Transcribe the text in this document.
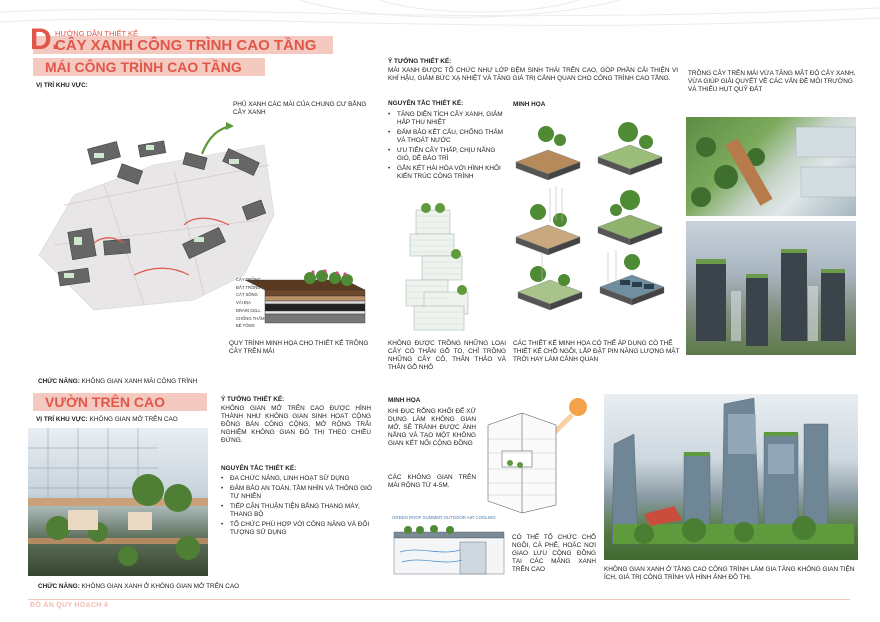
D.
HƯỚNG DẪN THIẾT KẾ
CÂY XANH CÔNG TRÌNH CAO TẦNG
MÁI CÔNG TRÌNH CAO TẦNG
VỊ TRÍ KHU VỰC:
PHỦ XANH CÁC MÁI CỦA CHUNG CƯ BẰNG CÂY XANH
CÂY TRỒNG
ĐẤT TRỒNG
CÁT SÔNG
VẢI ĐỊA
DRAIN CELL
CHỐNG THẤM
BÊ TÔNG
QUY TRÌNH MINH HỌA CHO THIẾT KẾ TRỒNG CÂY TRÊN MÁI
CHỨC NĂNG: KHÔNG GIAN XANH MÁI CÔNG TRÌNH
Ý TƯỞNG THIẾT KẾ:
MÁI XANH ĐƯỢC TỔ CHỨC NHƯ LỚP ĐỆM SINH THÁI TRÊN CAO, GÓP PHẦN CẢI THIỆN VI KHÍ HẬU, GIẢM BỨC XẠ NHIỆT VÀ TĂNG GIÁ TRỊ CẢNH QUAN CHO CÔNG TRÌNH CAO TẦNG.
NGUYÊN TẮC THIẾT KẾ:
• TĂNG DIỆN TÍCH CÂY XANH, GIẢM HẤP THU NHIỆT
• ĐẢM BẢO KẾT CẤU, CHỐNG THẤM VÀ THOÁT NƯỚC
• ƯU TIÊN CÂY THẤP, CHỊU NẮNG GIÓ, DỄ BẢO TRÌ
• GẮN KẾT HÀI HÒA VỚI HÌNH KHỐI KIẾN TRÚC CÔNG TRÌNH
KHÔNG ĐƯỢC TRỒNG NHỮNG LOẠI CÂY CÓ THÂN GỖ TO, CHỈ TRỒNG NHỮNG CÂY CỎ, THÂN THẢO VÀ THÂN GỖ NHỎ
MINH HỌA
CÁC THIẾT KẾ MINH HỌA CÓ THỂ ÁP DỤNG CÓ THỂ THIẾT KẾ CHỖ NGỒI, LẮP ĐẶT PIN NĂNG LƯỢNG MẶT TRỜI HAY LÀM CẢNH QUAN
TRỒNG CÂY TRÊN MÁI VỪA TĂNG MẬT ĐỘ CÂY XANH, VỪA GIÚP GIẢI QUYẾT VỀ CÁC VẤN ĐỀ MÔI TRƯỜNG VÀ THIẾU HỤT QUỸ ĐẤT
VƯỜN TRÊN CAO
VỊ TRÍ KHU VỰC: KHÔNG GIAN MỞ TRÊN CAO
CHỨC NĂNG: KHÔNG GIAN XANH Ở KHÔNG GIAN MỞ TRÊN CAO
Ý TƯỞNG THIẾT KẾ:
KHÔNG GIAN MỞ TRÊN CAO ĐƯỢC HÌNH THÀNH NHƯ KHÔNG GIAN SINH HOẠT CỘNG ĐỒNG BÁN CÔNG CỘNG, MỞ RỘNG TRẢI NGHIỆM KHÔNG GIAN ĐÔ THỊ THEO CHIỀU ĐỨNG.
NGUYÊN TẮC THIẾT KẾ:
• ĐA CHỨC NĂNG, LINH HOẠT SỬ DỤNG
• ĐẢM BẢO AN TOÀN, TẦM NHÌN VÀ THÔNG GIÓ TỰ NHIÊN
• TIẾP CẬN THUẬN TIỆN BẰNG THANG MÁY, THANG BỘ
• TỔ CHỨC PHÙ HỢP VỚI CÔNG NĂNG VÀ ĐỐI TƯỢNG SỬ DỤNG
MINH HỌA
KHI ĐỤC RỖNG KHỐI ĐỂ XỬ DỤNG LÀM KHÔNG GIAN MỞ, SẼ TRÁNH ĐƯỢC ÁNH NẮNG VÀ TẠO MỘT KHÔNG GIAN KẾT NỐI CỘNG ĐỒNG
CÁC KHÔNG GIAN TRÊN MÁI RỘNG TỪ 4-5M.
GREEN ROOF SUMMER OUTDOOR AIR COOLING
CÓ THỂ TỔ CHỨC CHỖ NGỒI, CÀ PHÊ, HOẶC NƠI GIAO LƯU CỘNG ĐỒNG TẠI CÁC MẢNG XANH TRÊN CAO	KHÔNG GIAN XANH Ở TẦNG CAO CÔNG TRÌNH LÀM GIA TĂNG KHÔNG GIAN TIỆN ÍCH, GIÁ TRỊ CÔNG TRÌNH VÀ HÌNH ẢNH ĐÔ THỊ.
ĐỒ ÁN QUY HOẠCH 4
